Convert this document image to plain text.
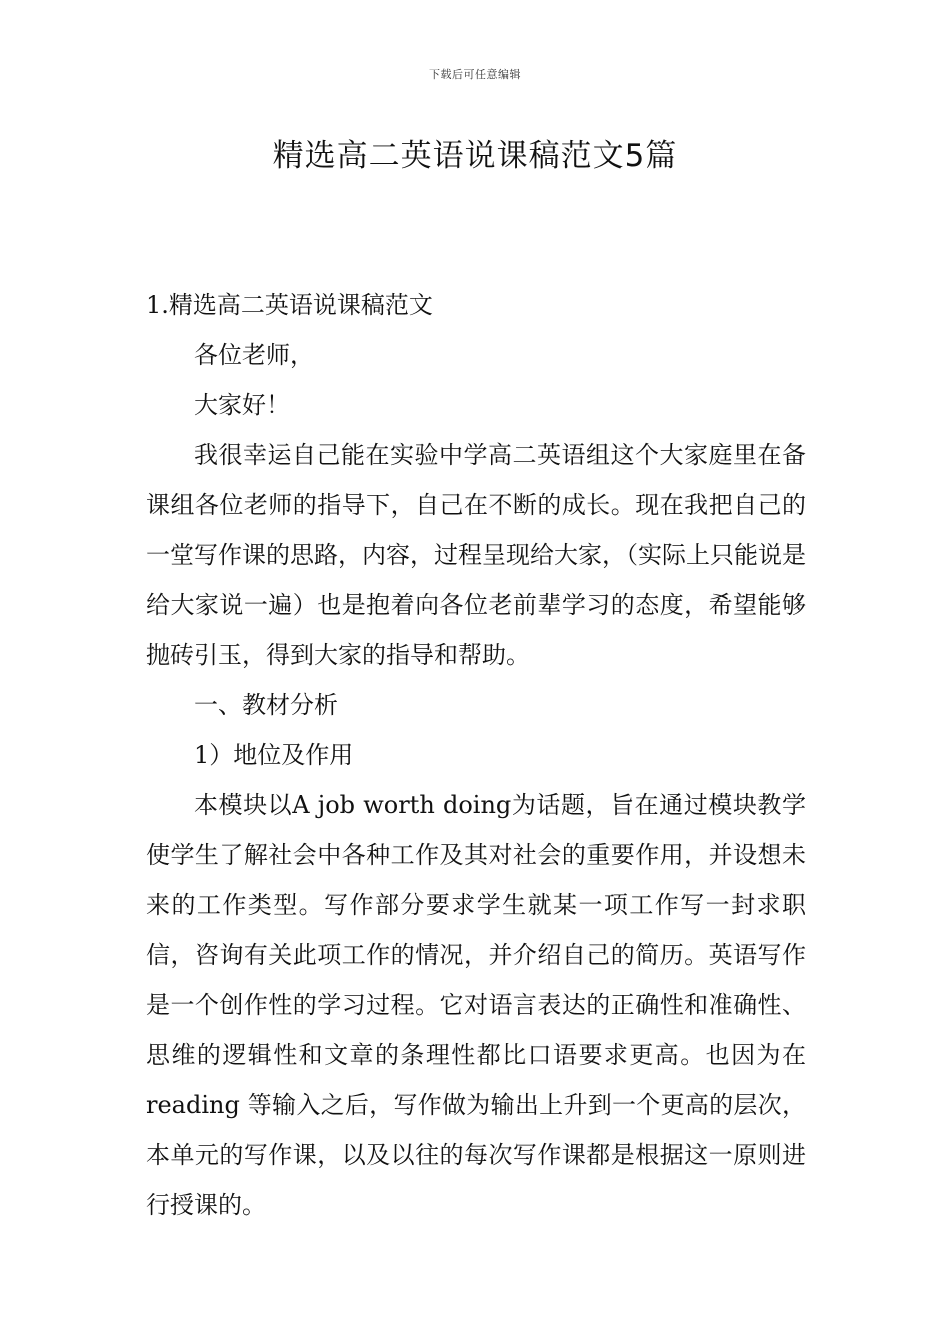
下载后可任意编辑
精选高二英语说课稿范文5篇

1.精选高二英语说课稿范文

各位老师，

大家好！

我很幸运自己能在实验中学高二英语组这个大家庭里在备课组各位老师的指导下，自己在不断的成长。现在我把自己的一堂写作课的思路，内容，过程呈现给大家，（实际上只能说是给大家说一遍）也是抱着向各位老前辈学习的态度，希望能够抛砖引玉，得到大家的指导和帮助。

一、教材分析

1）地位及作用

本模块以A job worth doing为话题，旨在通过模块教学使学生了解社会中各种工作及其对社会的重要作用，并设想未来的工作类型。写作部分要求学生就某一项工作写一封求职信，咨询有关此项工作的情况，并介绍自己的简历。英语写作是一个创作性的学习过程。它对语言表达的正确性和准确性、思维的逻辑性和文章的条理性都比口语要求更高。也因为在reading 等输入之后，写作做为输出上升到一个更高的层次，本单元的写作课，以及以往的每次写作课都是根据这一原则进行授课的。
